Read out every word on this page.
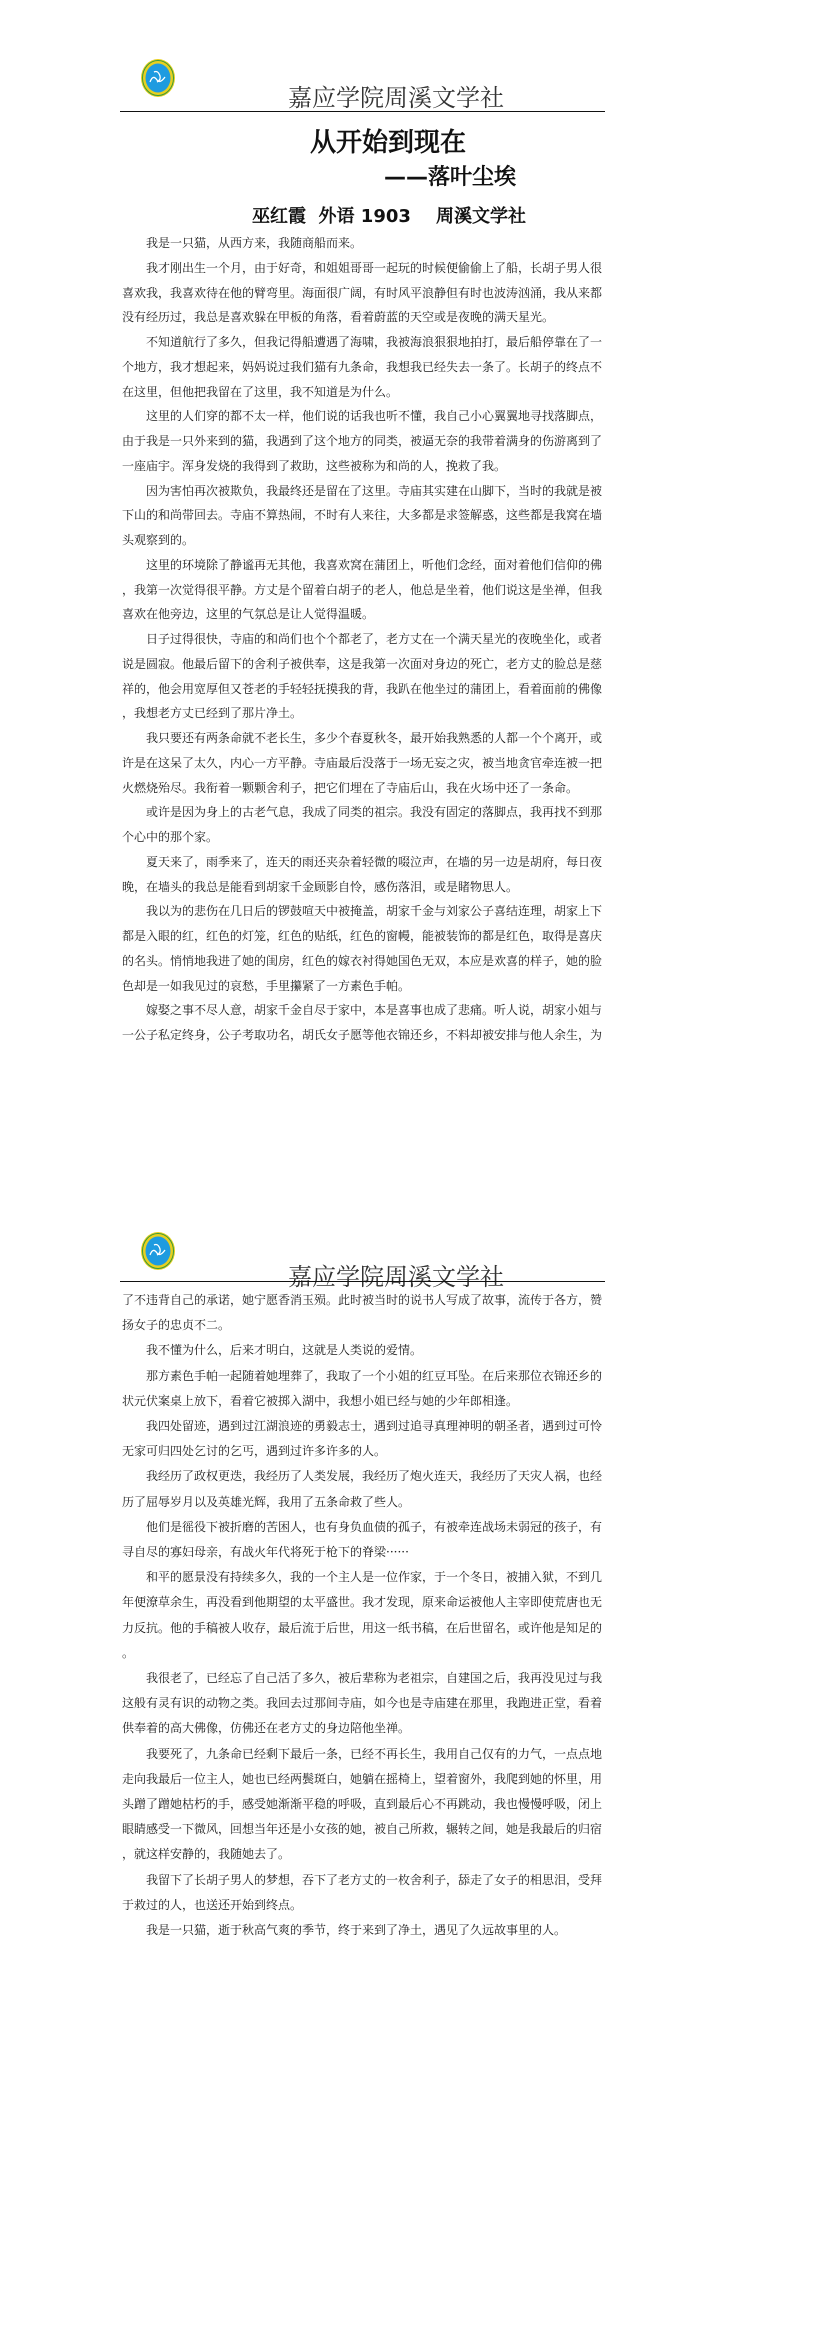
嘉应学院周溪文学社
从开始到现在
——落叶尘埃
巫红霞  外语 1903    周溪文学社

我是一只猫，从西方来，我随商船而来。

我才刚出生一个月，由于好奇，和姐姐哥哥一起玩的时候便偷偷上了船，长胡子男人很喜欢我，我喜欢待在他的臂弯里。海面很广阔，有时风平浪静但有时也波涛汹涌，我从来都没有经历过，我总是喜欢躲在甲板的角落，看着蔚蓝的天空或是夜晚的满天星光。

不知道航行了多久，但我记得船遭遇了海啸，我被海浪狠狠地拍打，最后船停靠在了一个地方，我才想起来，妈妈说过我们猫有九条命，我想我已经失去一条了。长胡子的终点不在这里，但他把我留在了这里，我不知道是为什么。

这里的人们穿的都不太一样，他们说的话我也听不懂，我自己小心翼翼地寻找落脚点，由于我是一只外来到的猫，我遇到了这个地方的同类，被逼无奈的我带着满身的伤游离到了一座庙宇。浑身发烧的我得到了救助，这些被称为和尚的人，挽救了我。

因为害怕再次被欺负，我最终还是留在了这里。寺庙其实建在山脚下，当时的我就是被下山的和尚带回去。寺庙不算热闹，不时有人来往，大多都是求签解惑，这些都是我窝在墙头观察到的。

这里的环境除了静谧再无其他，我喜欢窝在蒲团上，听他们念经，面对着他们信仰的佛，我第一次觉得很平静。方丈是个留着白胡子的老人，他总是坐着，他们说这是坐禅，但我喜欢在他旁边，这里的气氛总是让人觉得温暖。

日子过得很快，寺庙的和尚们也个个都老了，老方丈在一个满天星光的夜晚坐化，或者说是圆寂。他最后留下的舍利子被供奉，这是我第一次面对身边的死亡，老方丈的脸总是慈祥的，他会用宽厚但又苍老的手轻轻抚摸我的背，我趴在他坐过的蒲团上，看着面前的佛像，我想老方丈已经到了那片净土。

我只要还有两条命就不老长生，多少个春夏秋冬，最开始我熟悉的人都一个个离开，或许是在这呆了太久，内心一方平静。寺庙最后没落于一场无妄之灾，被当地贪官牵连被一把火燃烧殆尽。我衔着一颗颗舍利子，把它们埋在了寺庙后山，我在火场中还了一条命。

或许是因为身上的古老气息，我成了同类的祖宗。我没有固定的落脚点，我再找不到那个心中的那个家。

夏天来了，雨季来了，连天的雨还夹杂着轻微的啜泣声，在墙的另一边是胡府，每日夜晚，在墙头的我总是能看到胡家千金顾影自怜，感伤落泪，或是睹物思人。

我以为的悲伤在几日后的锣鼓喧天中被掩盖，胡家千金与刘家公子喜结连理，胡家上下都是入眼的红，红色的灯笼，红色的贴纸，红色的窗幔，能被装饰的都是红色，取得是喜庆的名头。悄悄地我进了她的闺房，红色的嫁衣衬得她国色无双，本应是欢喜的样子，她的脸色却是一如我见过的哀愁，手里攥紧了一方素色手帕。

嫁娶之事不尽人意，胡家千金自尽于家中，本是喜事也成了悲痛。听人说，胡家小姐与一公子私定终身，公子考取功名，胡氏女子愿等他衣锦还乡，不料却被安排与他人余生，为

嘉应学院周溪文学社

了不违背自己的承诺，她宁愿香消玉殒。此时被当时的说书人写成了故事，流传于各方，赞扬女子的忠贞不二。

我不懂为什么，后来才明白，这就是人类说的爱情。

那方素色手帕一起随着她埋葬了，我取了一个小姐的红豆耳坠。在后来那位衣锦还乡的状元伏案桌上放下，看着它被掷入湖中，我想小姐已经与她的少年郎相逢。

我四处留迹，遇到过江湖浪迹的勇毅志士，遇到过追寻真理神明的朝圣者，遇到过可怜无家可归四处乞讨的乞丐，遇到过许多许多的人。

我经历了政权更迭，我经历了人类发展，我经历了炮火连天，我经历了天灾人祸，也经历了屈辱岁月以及英雄光辉，我用了五条命救了些人。

他们是徭役下被折磨的苦困人，也有身负血债的孤子，有被牵连战场未弱冠的孩子，有寻自尽的寡妇母亲，有战火年代将死于枪下的脊梁······

和平的愿景没有持续多久，我的一个主人是一位作家，于一个冬日，被捕入狱，不到几年便潦草余生，再没看到他期望的太平盛世。我才发现，原来命运被他人主宰即使荒唐也无力反抗。他的手稿被人收存，最后流于后世，用这一纸书稿，在后世留名，或许他是知足的。

我很老了，已经忘了自己活了多久，被后辈称为老祖宗，自建国之后，我再没见过与我这般有灵有识的动物之类。我回去过那间寺庙，如今也是寺庙建在那里，我跑进正堂，看着供奉着的高大佛像，仿佛还在老方丈的身边陪他坐禅。

我要死了，九条命已经剩下最后一条，已经不再长生，我用自己仅有的力气，一点点地走向我最后一位主人，她也已经两鬓斑白，她躺在摇椅上，望着窗外，我爬到她的怀里，用头蹭了蹭她枯朽的手，感受她渐渐平稳的呼吸，直到最后心不再跳动，我也慢慢呼吸，闭上眼睛感受一下微风，回想当年还是小女孩的她，被自己所救，辗转之间，她是我最后的归宿，就这样安静的，我随她去了。

我留下了长胡子男人的梦想，吞下了老方丈的一枚舍利子，舔走了女子的相思泪，受拜于救过的人，也送还开始到终点。

我是一只猫，逝于秋高气爽的季节，终于来到了净土，遇见了久远故事里的人。
